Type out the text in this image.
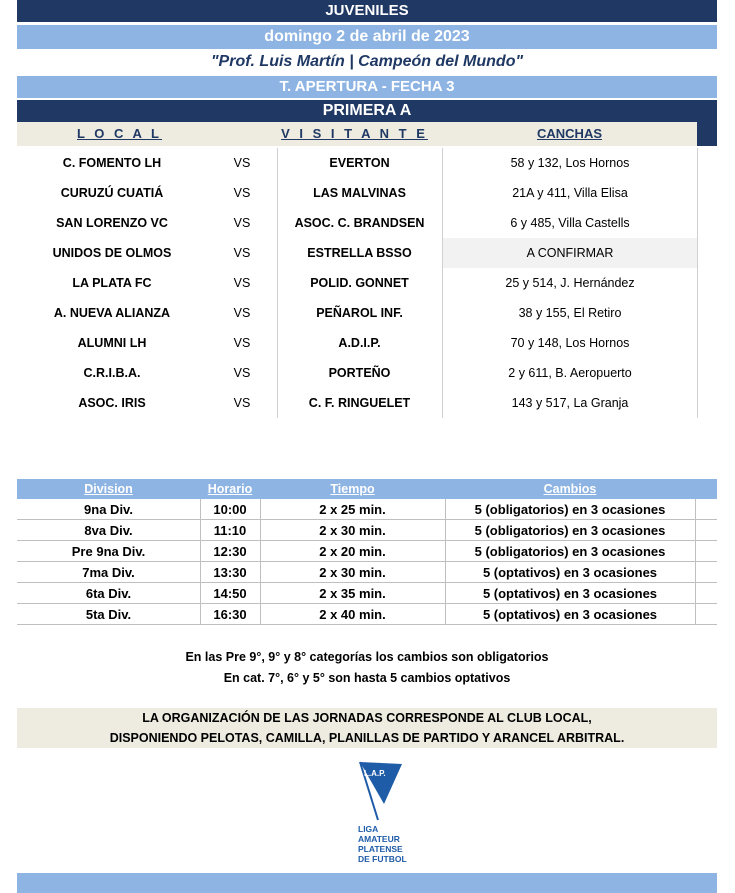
JUVENILES
domingo 2 de abril de 2023
"Prof. Luis Martín | Campeón del Mundo"
T. APERTURA - FECHA 3
PRIMERA A
L O C A L	V I S I T A N T E	CANCHAS
C. FOMENTO LH	VS	EVERTON	58 y 132, Los Hornos
CURUZÚ CUATIÁ	VS	LAS MALVINAS	21A y 411, Villa Elisa
SAN LORENZO VC	VS	ASOC. C. BRANDSEN	6 y 485, Villa Castells
UNIDOS DE OLMOS	VS	ESTRELLA BSSO	A CONFIRMAR
LA PLATA FC	VS	POLID. GONNET	25 y 514, J. Hernández
A. NUEVA ALIANZA	VS	PEÑAROL INF.	38 y 155, El Retiro
ALUMNI LH	VS	A.D.I.P.	70 y 148, Los Hornos
C.R.I.B.A.	VS	PORTEÑO	2 y 611, B. Aeropuerto
ASOC. IRIS	VS	C. F. RINGUELET	143 y 517, La Granja
Division	Horario	Tiempo	Cambios
9na Div.	10:00	2 x 25 min.	5 (obligatorios) en 3 ocasiones
8va Div.	11:10	2 x 30 min.	5 (obligatorios) en 3 ocasiones
Pre 9na Div.	12:30	2 x 20 min.	5 (obligatorios) en 3 ocasiones
7ma Div.	13:30	2 x 30 min.	5 (optativos) en 3 ocasiones
6ta Div.	14:50	2 x 35 min.	5 (optativos) en 3 ocasiones
5ta Div.	16:30	2 x 40 min.	5 (optativos) en 3 ocasiones
En las Pre 9°, 9° y 8° categorías los cambios son obligatorios
En cat. 7°, 6° y 5° son hasta 5 cambios optativos
LA ORGANIZACIÓN DE LAS JORNADAS CORRESPONDE AL CLUB LOCAL,
DISPONIENDO PELOTAS, CAMILLA, PLANILLAS DE PARTIDO Y ARANCEL ARBITRAL.
L.A.P.
LIGA
AMATEUR
PLATENSE
DE FUTBOL
